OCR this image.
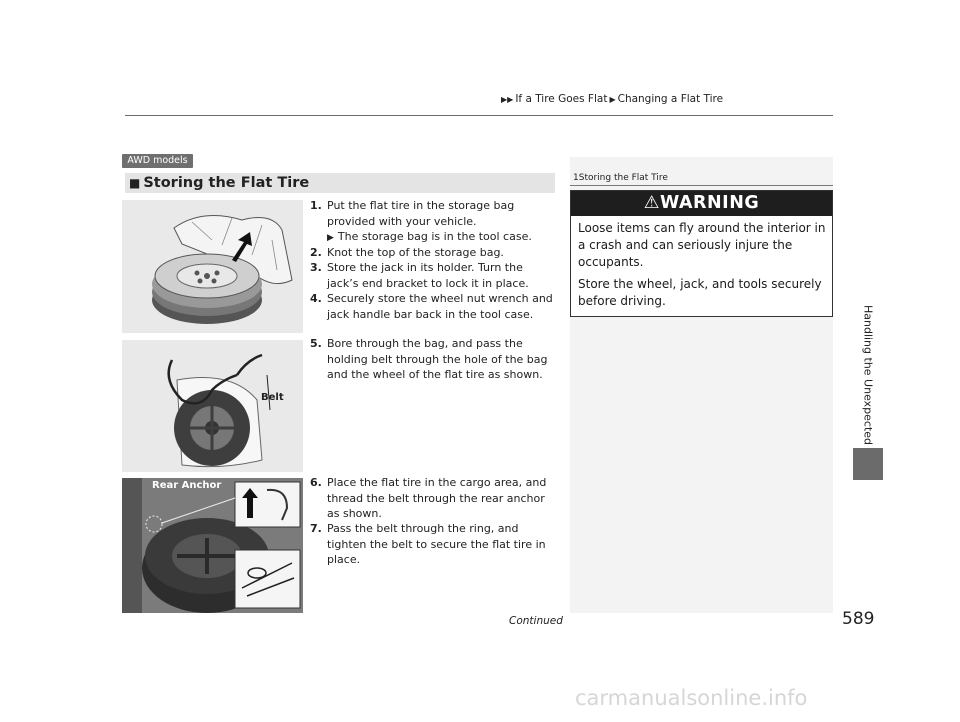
▶▶ If a Tire Goes Flat ▶ Changing a Flat Tire
Handling the Unexpected
AWD models
■ Storing the Flat Tire	1Storing the Flat Tire
⚠WARNING
Loose items can fly around the interior in a crash and can seriously injure the occupants.
Store the wheel, jack, and tools securely before driving.
Belt
Rear Anchor
1. Put the flat tire in the storage bag provided with your vehicle.
▶ The storage bag is in the tool case.
2. Knot the top of the storage bag.
3. Store the jack in its holder. Turn the jack’s end bracket to lock it in place.
4. Securely store the wheel nut wrench and jack handle bar back in the tool case.
5. Bore through the bag, and pass the holding belt through the hole of the bag and the wheel of the flat tire as shown.
6. Place the flat tire in the cargo area, and thread the belt through the rear anchor as shown.
7. Pass the belt through the ring, and tighten the belt to secure the flat tire in place.
Continued	589
carmanualsonline.info
